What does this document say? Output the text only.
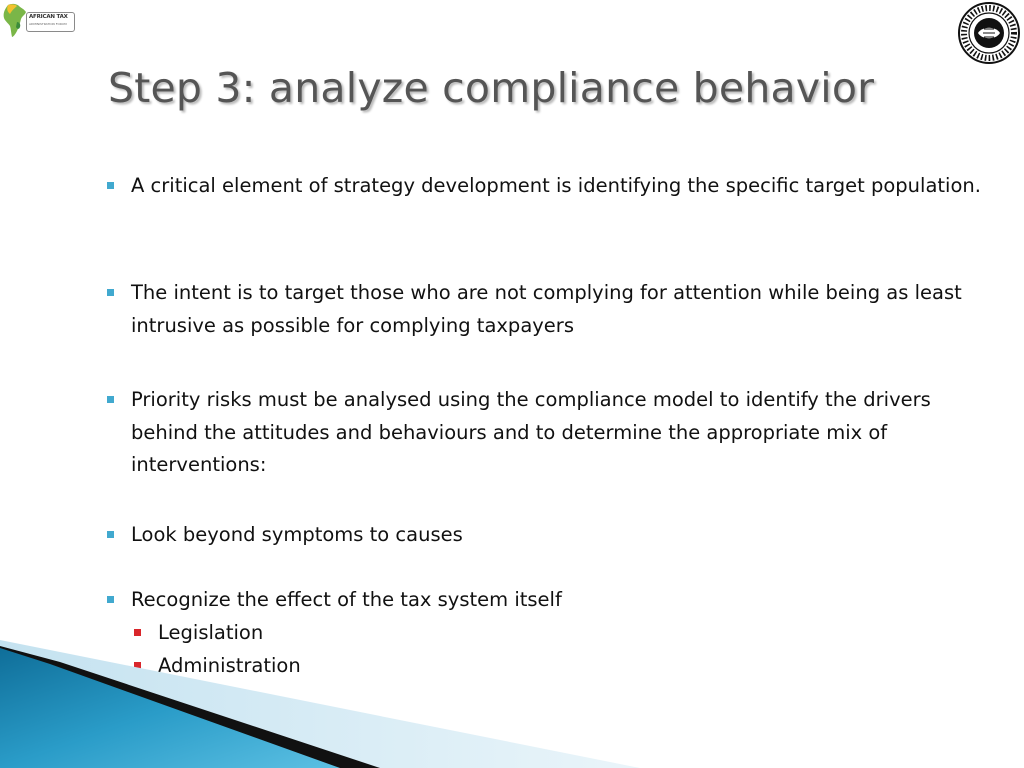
AFRICAN TAX
ADMINISTRATION FORUM
Step 3: analyze compliance behavior
A critical element of strategy development is identifying the specific target population.
The intent is to target those who are not complying for attention while being as least intrusive as possible for complying taxpayers
Priority risks must be analysed using the compliance model to identify the drivers behind the attitudes and behaviours and to determine the appropriate mix of interventions:
Look beyond symptoms to causes
Recognize the effect of the tax system itself
Legislation
Administration
